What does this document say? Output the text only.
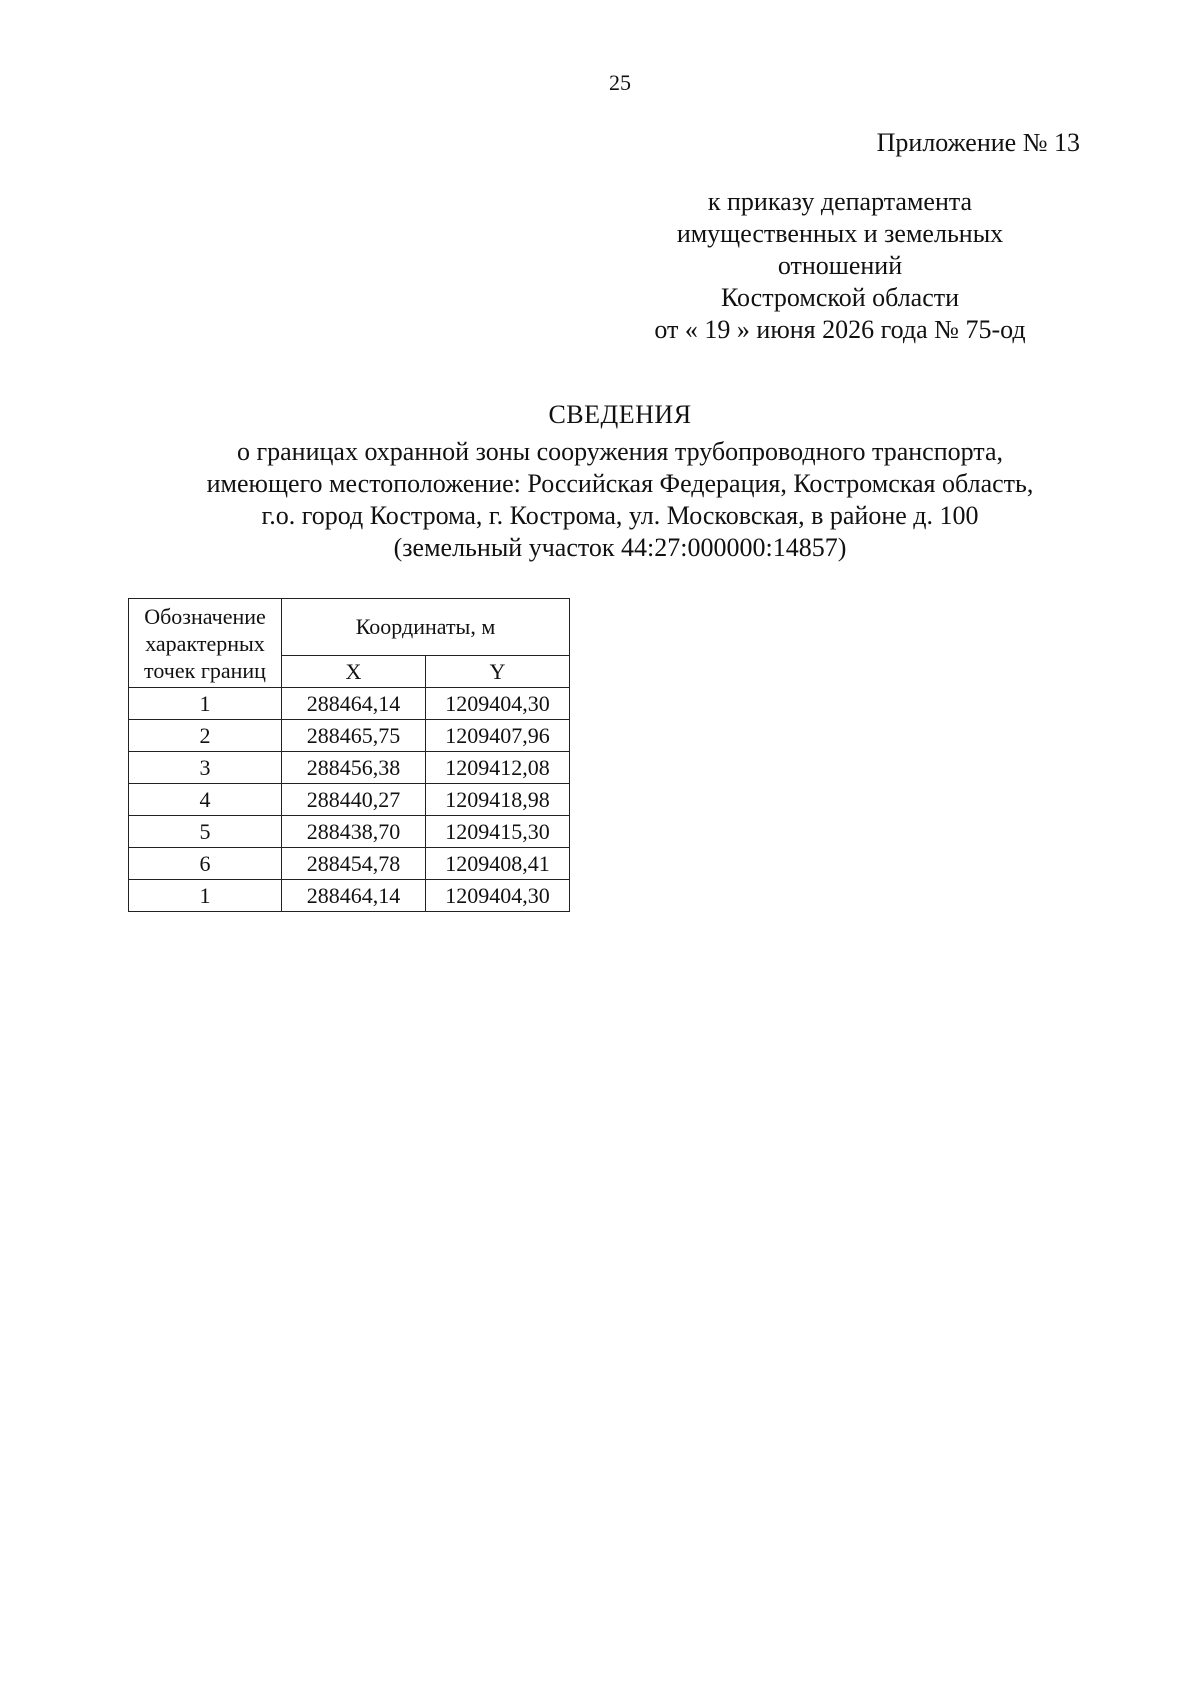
25
Приложение № 13
к приказу департамента
имущественных и земельных
отношений
Костромской области
от « 19 » июня 2026 года № 75-од
СВЕДЕНИЯ
о границах охранной зоны сооружения трубопроводного транспорта,
имеющего местоположение: Российская Федерация, Костромская область,
г.о. город Кострома, г. Кострома, ул. Московская, в районе д. 100
(земельный участок 44:27:000000:14857)
Обозначение
характерных
точек границ	Координаты, м	
	X	Y
1	288464,14	1209404,30
2	288465,75	1209407,96
3	288456,38	1209412,08
4	288440,27	1209418,98
5	288438,70	1209415,30
6	288454,78	1209408,41
1	288464,14	1209404,30
